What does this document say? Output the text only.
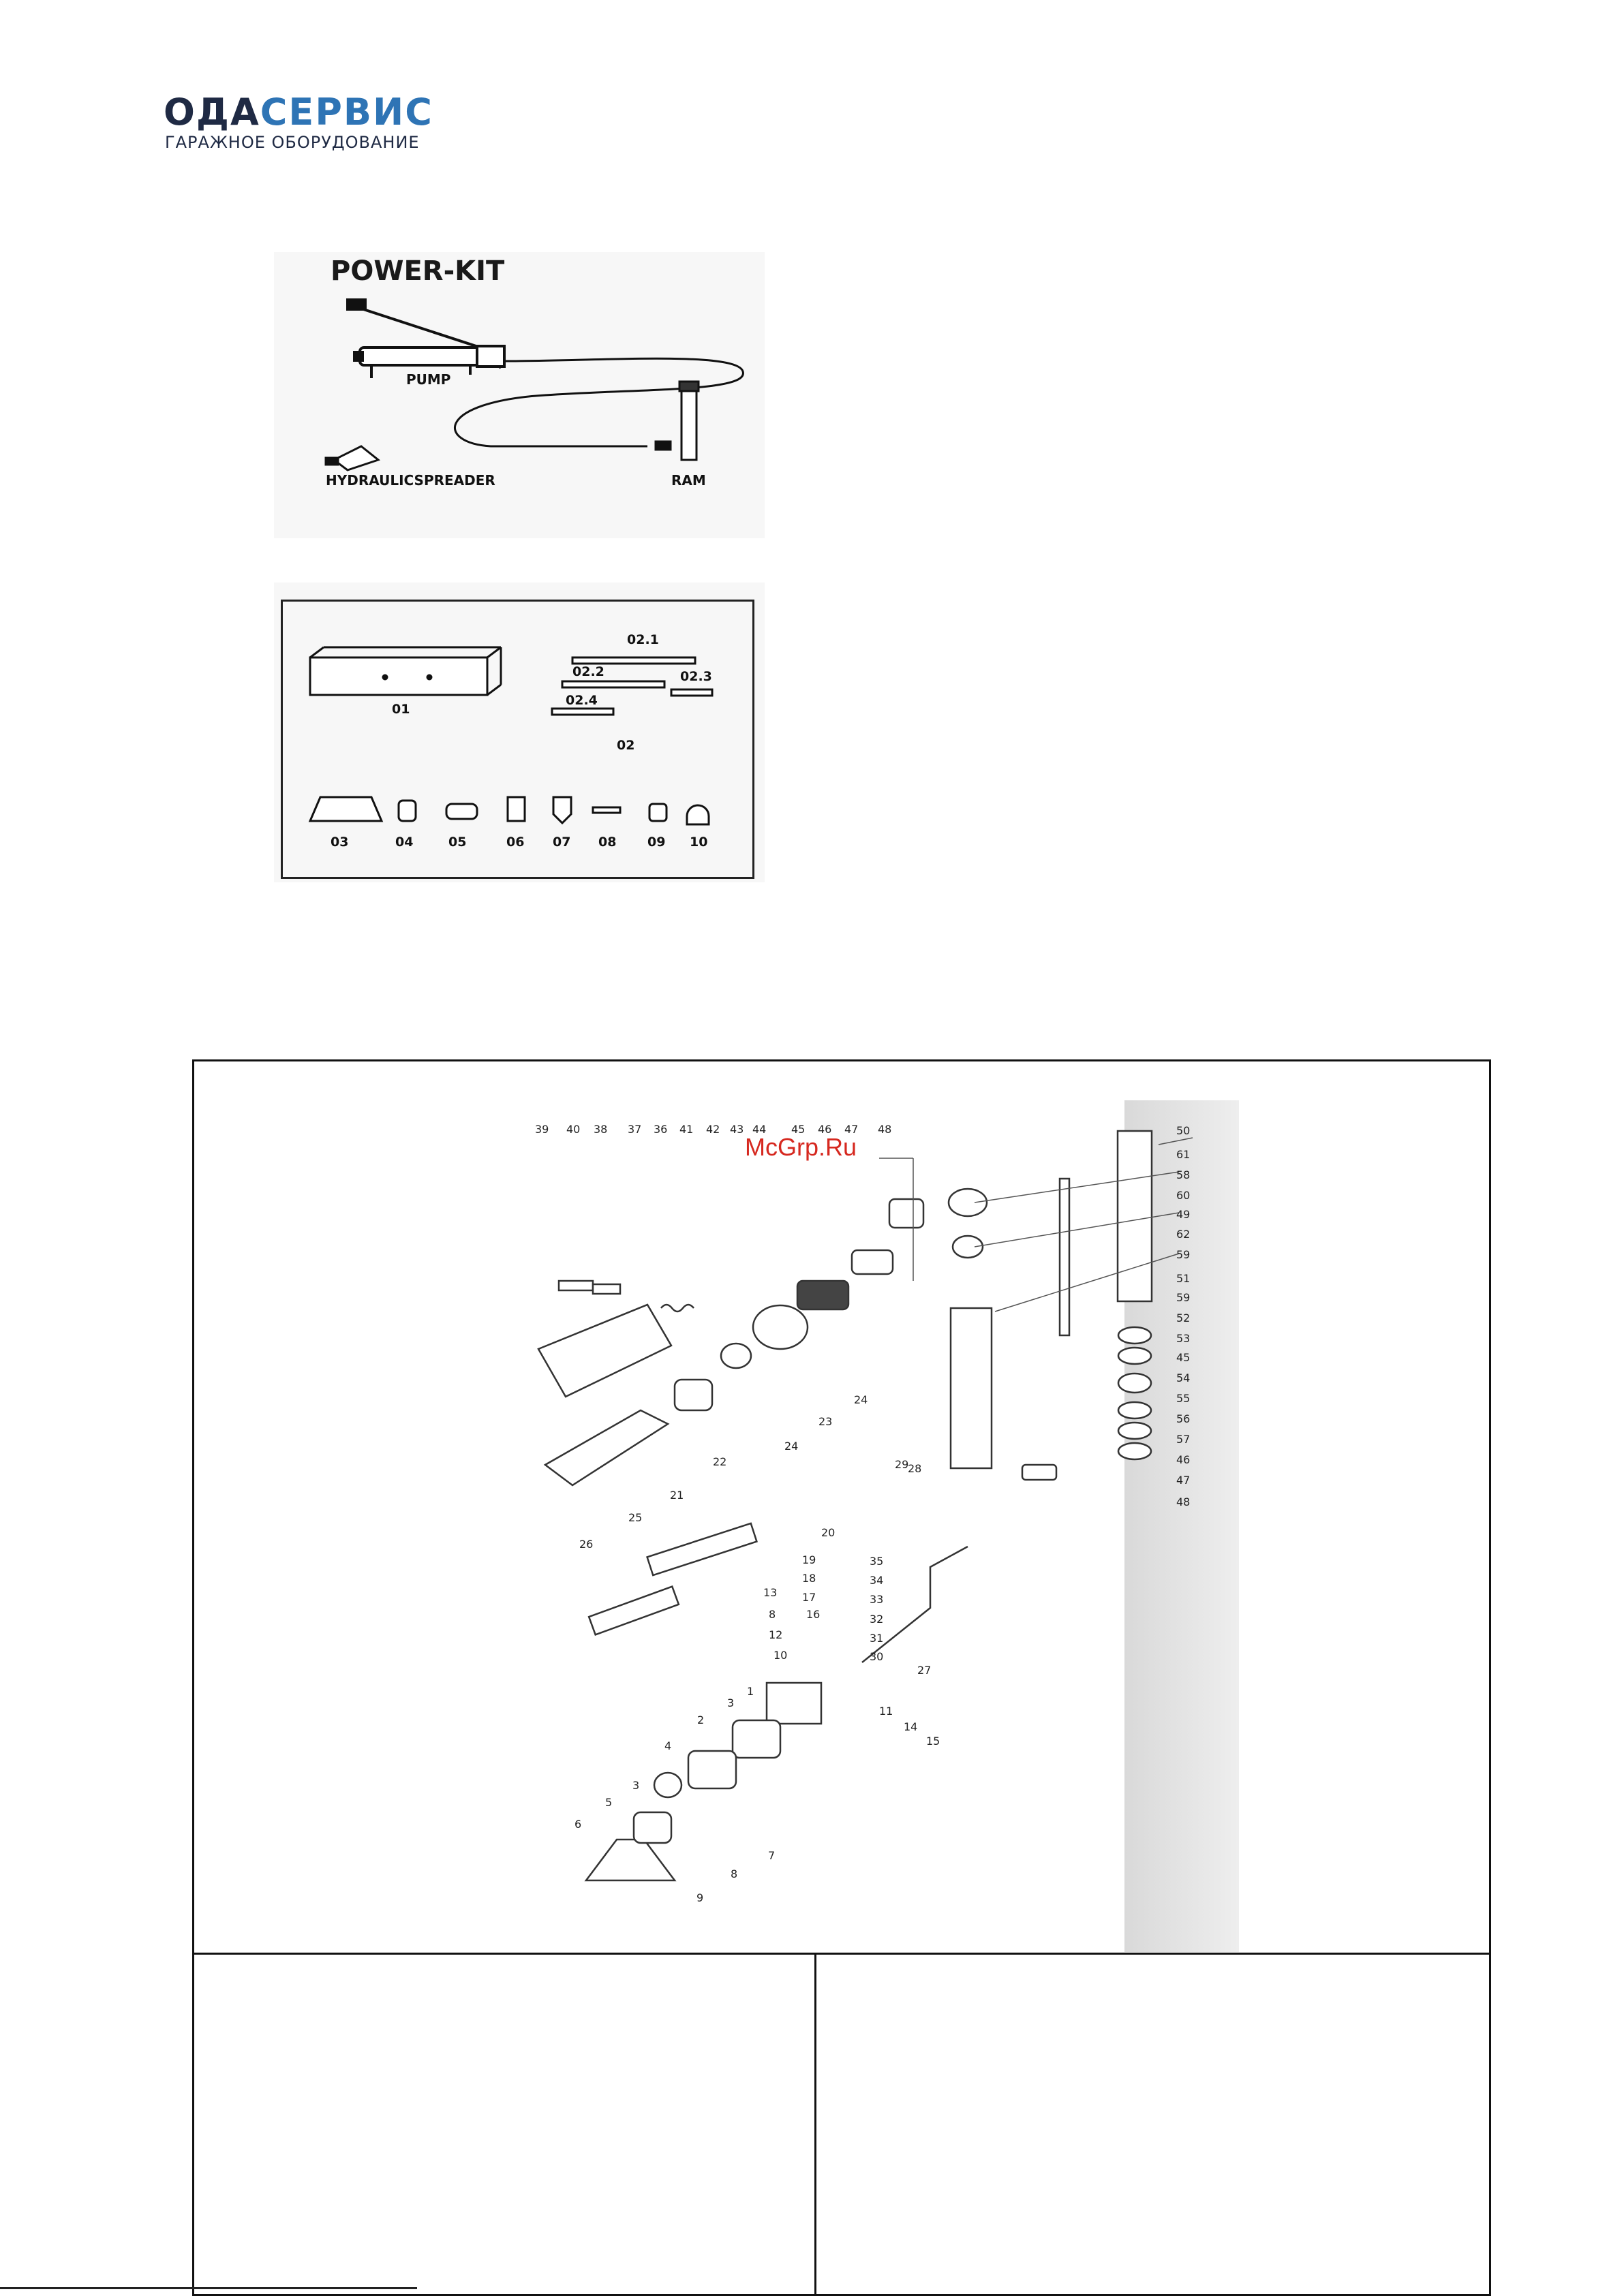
ОДАСЕРВИС
ГАРАЖНОЕ ОБОРУДОВАНИЕ
POWER-KIT
PUMP
RAM
HYDRAULICSPREADER
01
02.1
02.2	02.3
02.4
02
03	04	05	06 07 08 09 10
McGrp.Ru
39 40 38 37 36 41 42 43 44 45 46 47 48	50
61
58
60
49
62
59
51
59
52
53
45
54
55
56
57
46
47
48
24
23
24
22
21
28
29
25
20
26
19
18
17
16
13
8
12
10
35
34
33
32
31
30
1
27
3
2
11
14
15
4
3
5
6
7
8
9
